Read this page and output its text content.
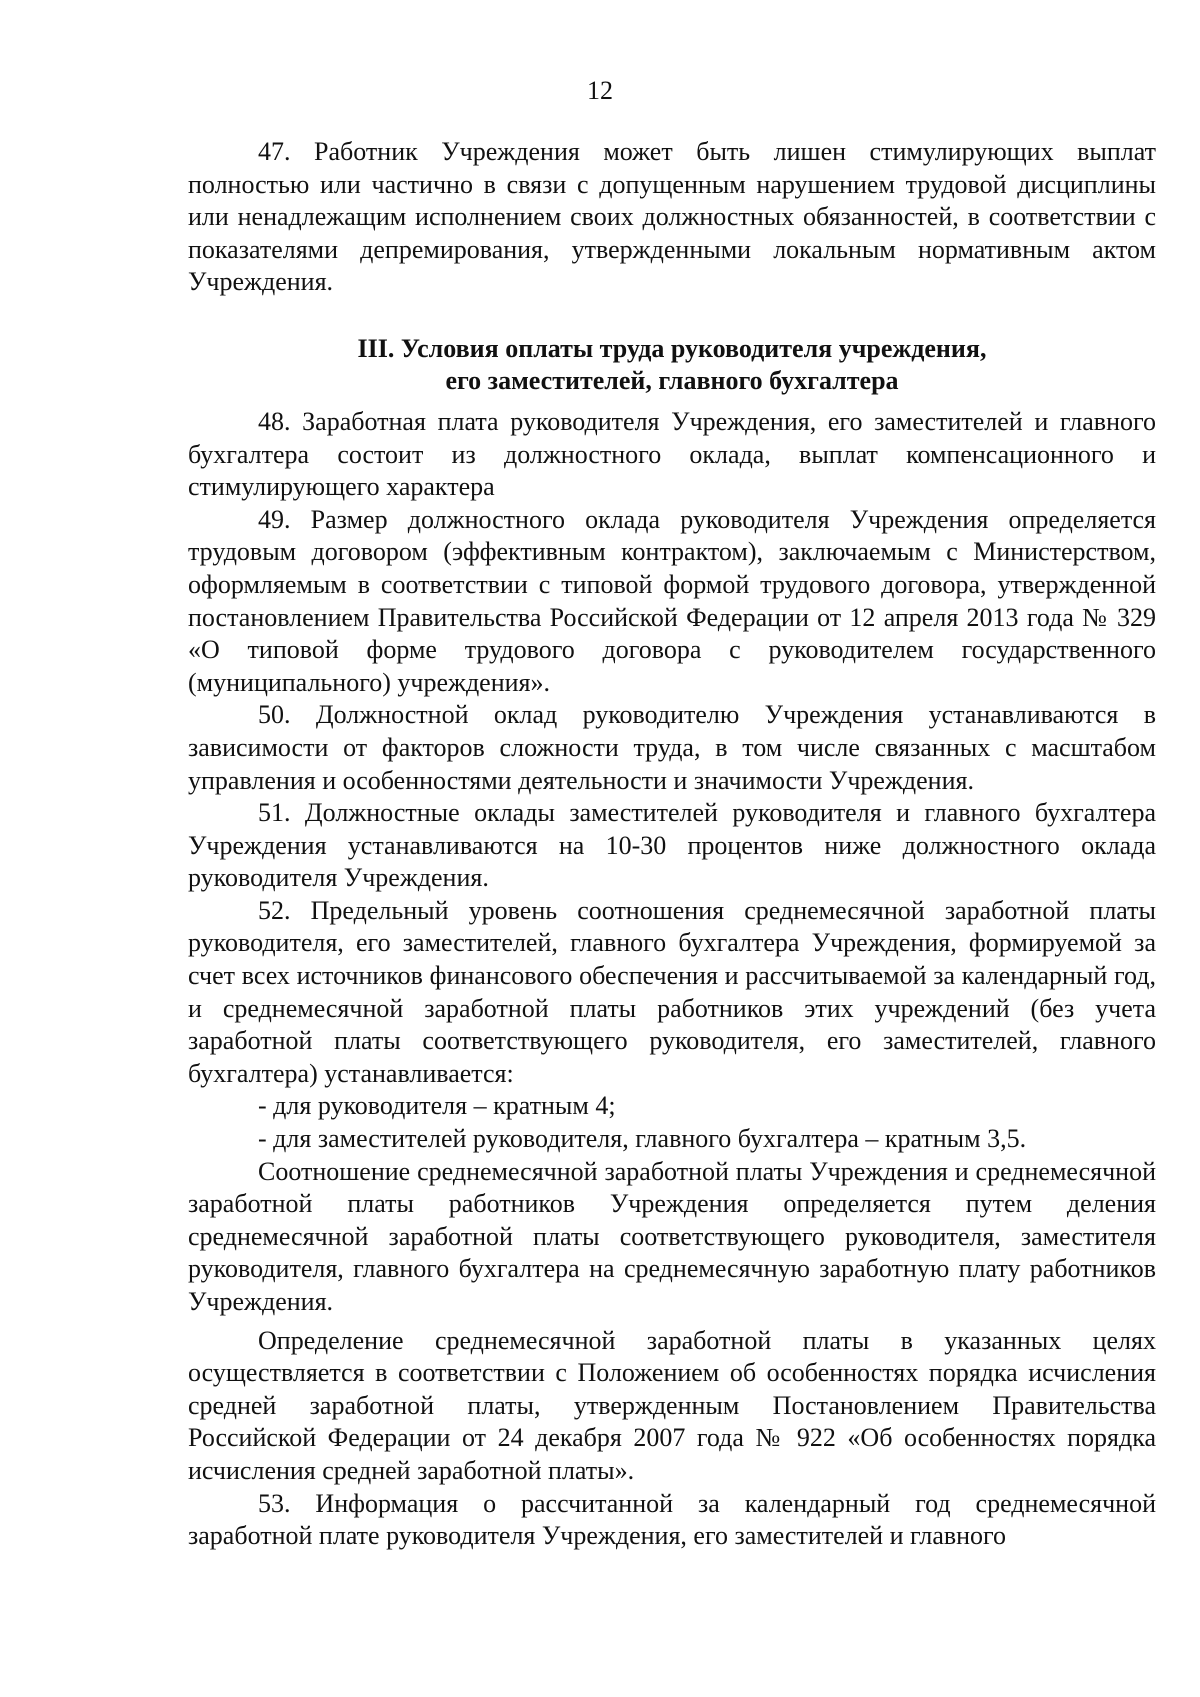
12

47. Работник Учреждения может быть лишен стимулирующих выплат полностью или частично в связи с допущенным нарушением трудовой дисциплины или ненадлежащим исполнением своих должностных обязанностей, в соответствии с показателями депремирования, утвержденными локальным нормативным актом Учреждения.

III. Условия оплаты труда руководителя учреждения,
его заместителей, главного бухгалтера

48. Заработная плата руководителя Учреждения, его заместителей и главного бухгалтера состоит из должностного оклада, выплат компенсационного и стимулирующего характера

49. Размер должностного оклада руководителя Учреждения определяется трудовым договором (эффективным контрактом), заключаемым с Министерством, оформляемым в соответствии с типовой формой трудового договора, утвержденной постановлением Правительства Российской Федерации от 12 апреля 2013 года № 329 «О типовой форме трудового договора с руководителем государственного (муниципального) учреждения».

50. Должностной оклад руководителю Учреждения устанавливаются в зависимости от факторов сложности труда, в том числе связанных с масштабом управления и особенностями деятельности и значимости Учреждения.

51. Должностные оклады заместителей руководителя и главного бухгалтера Учреждения устанавливаются на 10-30 процентов ниже должностного оклада руководителя Учреждения.

52. Предельный уровень соотношения среднемесячной заработной платы руководителя, его заместителей, главного бухгалтера Учреждения, формируемой за счет всех источников финансового обеспечения и рассчитываемой за календарный год, и среднемесячной заработной платы работников этих учреждений (без учета заработной платы соответствующего руководителя, его заместителей, главного бухгалтера) устанавливается:

- для руководителя – кратным 4;

- для заместителей руководителя, главного бухгалтера – кратным 3,5.

Соотношение среднемесячной заработной платы Учреждения и среднемесячной заработной платы работников Учреждения определяется путем деления среднемесячной заработной платы соответствующего руководителя, заместителя руководителя, главного бухгалтера на среднемесячную заработную плату работников Учреждения.

Определение среднемесячной заработной платы в указанных целях осуществляется в соответствии с Положением об особенностях порядка исчисления средней заработной платы, утвержденным Постановлением Правительства Российской Федерации от 24 декабря 2007 года № 922 «Об особенностях порядка исчисления средней заработной платы».

53. Информация о рассчитанной за календарный год среднемесячной заработной плате руководителя Учреждения, его заместителей и главного
